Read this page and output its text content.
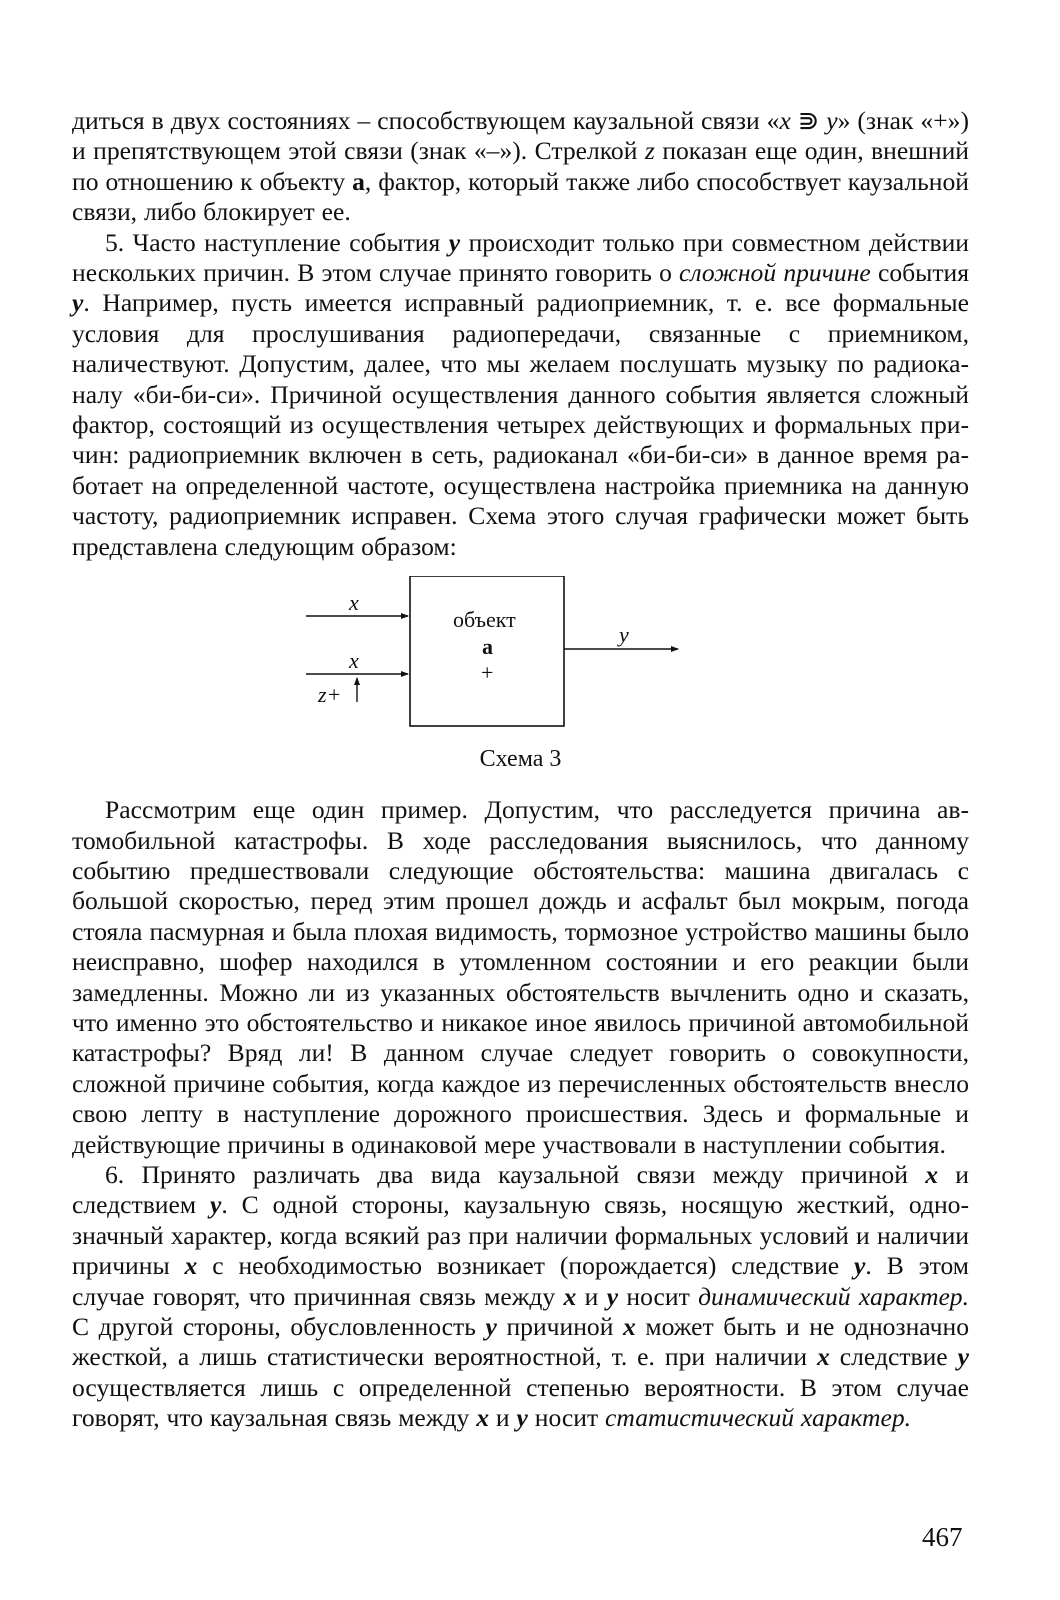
диться в двух состояниях – способствующем каузальной связи «x ⋑ y» (знак «+») и препятствующем этой связи (знак «–»). Стрелкой z показан еще один, внешний по отношению к объекту a, фактор, который также либо способствует каузальной связи, либо блокирует ее.

5. Часто наступление события y происходит только при совместном действии нескольких причин. В этом случае принято говорить о сложной причине события y. Например, пусть имеется исправный радиоприемник, т. е. все формальные условия для прослушивания радиопередачи, связанные с приемником, наличествуют. Допустим, далее, что мы желаем послушать музыку по радиоканалу «би-би-си». Причиной осуществления данного события является сложный фактор, состоящий из осуществления четырех действующих и формальных причин: радиоприемник включен в сеть, радиоканал «би-би-си» в данное время работает на определенной частоте, осуществлена настройка приемника на данную частоту, радиоприемник исправен. Схема этого случая графически может быть представлена следующим образом:

x
x
z+
объект
a
+
y
Схема 3

Рассмотрим еще один пример. Допустим, что расследуется причина автомобильной катастрофы. В ходе расследования выяснилось, что данному событию предшествовали следующие обстоятельства: машина двигалась с большой скоростью, перед этим прошел дождь и асфальт был мокрым, погода стояла пасмурная и была плохая видимость, тормозное устройство машины было неисправно, шофер находился в утомленном состоянии и его реакции были замедленны. Можно ли из указанных обстоятельств вычленить одно и сказать, что именно это обстоятельство и никакое иное явилось причиной автомобильной катастрофы? Вряд ли! В данном случае следует говорить о совокупности, сложной причине события, когда каждое из перечисленных обстоятельств внесло свою лепту в наступление дорожного происшествия. Здесь и формальные и действующие причины в одинаковой мере участвовали в наступлении события.

6. Принято различать два вида каузальной связи между причиной x и следствием y. С одной стороны, каузальную связь, носящую жесткий, однозначный характер, когда всякий раз при наличии формальных условий и наличии причины x с необходимостью возникает (порождается) следствие y. В этом случае говорят, что причинная связь между x и y носит динамический характер. С другой стороны, обусловленность y причиной x может быть и не однозначно жесткой, а лишь статистически вероятностной, т. е. при наличии x следствие y осуществляется лишь с определенной степенью вероятности. В этом случае говорят, что каузальная связь между x и y носит статистический характер.

467
